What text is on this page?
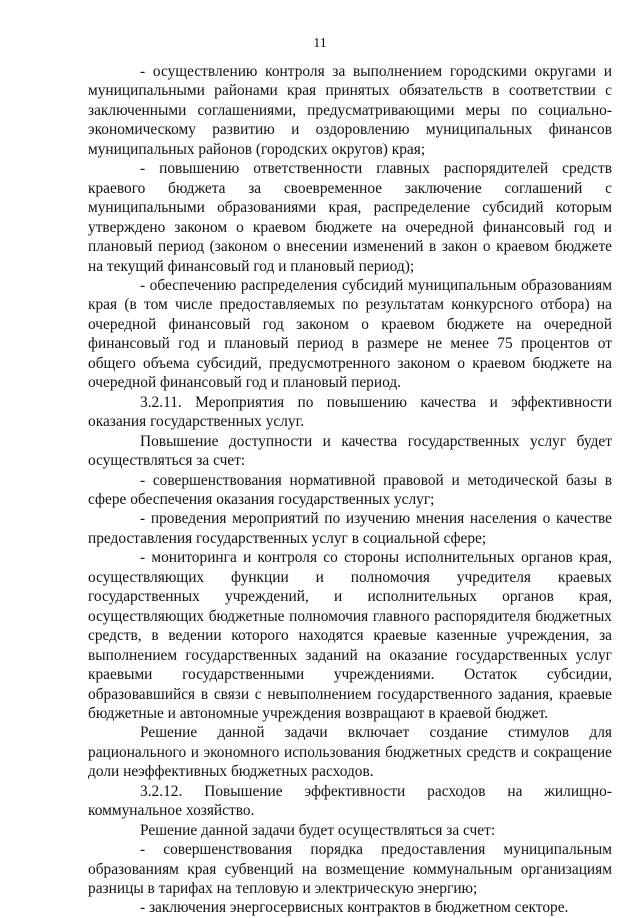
11

- осуществлению контроля за выполнением городскими округами и муниципальными районами края принятых обязательств в соответствии с заключенными соглашениями, предусматривающими меры по социально-экономическому развитию и оздоровлению муниципальных финансов муниципальных районов (городских округов) края;

- повышению ответственности главных распорядителей средств краевого бюджета за своевременное заключение соглашений с муниципальными образованиями края, распределение субсидий которым утверждено законом о краевом бюджете на очередной финансовый год и плановый период (законом о внесении изменений в закон о краевом бюджете на текущий финансовый год и плановый период);

- обеспечению распределения субсидий муниципальным образованиям края (в том числе предоставляемых по результатам конкурсного отбора) на очередной финансовый год законом о краевом бюджете на очередной финансовый год и плановый период в размере не менее 75 процентов от общего объема субсидий, предусмотренного законом о краевом бюджете на очередной финансовый год и плановый период.

3.2.11. Мероприятия по повышению качества и эффективности оказания государственных услуг.

Повышение доступности и качества государственных услуг будет осуществляться за счет:

- совершенствования нормативной правовой и методической базы в сфере обеспечения оказания государственных услуг;

- проведения мероприятий по изучению мнения населения о качестве предоставления государственных услуг в социальной сфере;

- мониторинга и контроля со стороны исполнительных органов края, осуществляющих функции и полномочия учредителя краевых государственных учреждений, и исполнительных органов края, осуществляющих бюджетные полномочия главного распорядителя бюджетных средств, в ведении которого находятся краевые казенные учреждения, за выполнением государственных заданий на оказание государственных услуг краевыми государственными учреждениями. Остаток субсидии, образовавшийся в связи с невыполнением государственного задания, краевые бюджетные и автономные учреждения возвращают в краевой бюджет.

Решение данной задачи включает создание стимулов для рационального и экономного использования бюджетных средств и сокращение доли неэффективных бюджетных расходов.

3.2.12. Повышение эффективности расходов на жилищно-коммунальное хозяйство.

Решение данной задачи будет осуществляться за счет:

- совершенствования порядка предоставления муниципальным образованиям края субвенций на возмещение коммунальным организациям разницы в тарифах на тепловую и электрическую энергию;

- заключения энергосервисных контрактов в бюджетном секторе.
